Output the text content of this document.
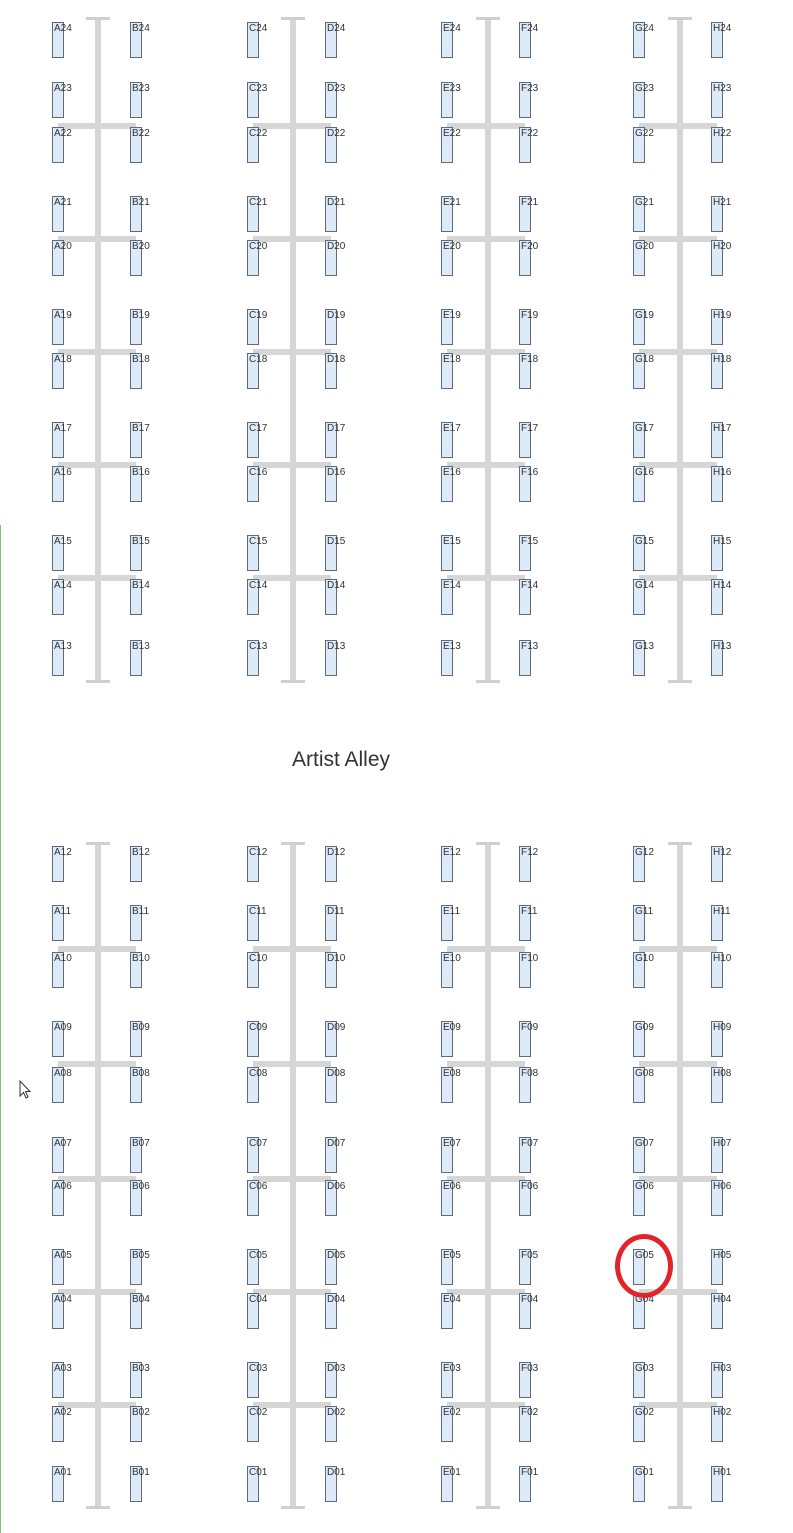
A24	B24	C24	D24	E24	F24	G24	H24
A23	B23	C23	D23	E23	F23	G23	H23
A22	B22	C22	D22	E22	F22	G22	H22
A21	B21	C21	D21	E21	F21	G21	H21
A20	B20	C20	D20	E20	F20	G20	H20
A19	B19	C19	D19	E19	F19	G19	H19
A18	B18	C18	D18	E18	F18	G18	H18
A17	B17	C17	D17	E17	F17	G17	H17
A16	B16	C16	D16	E16	F16	G16	H16
A15	B15	C15	D15	E15	F15	G15	H15
A14	B14	C14	D14	E14	F14	G14	H14
A13	B13	C13	D13	E13	F13	G13	H13
Artist Alley
A12	B12	C12	D12	E12	F12	G12	H12
A11	B11	C11	D11	E11	F11	G11	H11
A10	B10	C10	D10	E10	F10	G10	H10
A09	B09	C09	D09	E09	F09	G09	H09
A08	B08	C08	D08	E08	F08	G08	H08
A07	B07	C07	D07	E07	F07	G07	H07
A06	B06	C06	D06	E06	F06	G06	H06
A05	B05	C05	D05	E05	F05	G05	H05
A04	B04	C04	D04	E04	F04	G04	H04
A03	B03	C03	D03	E03	F03	G03	H03
A02	B02	C02	D02	E02	F02	G02	H02
A01	B01	C01	D01	E01	F01	G01	H01
